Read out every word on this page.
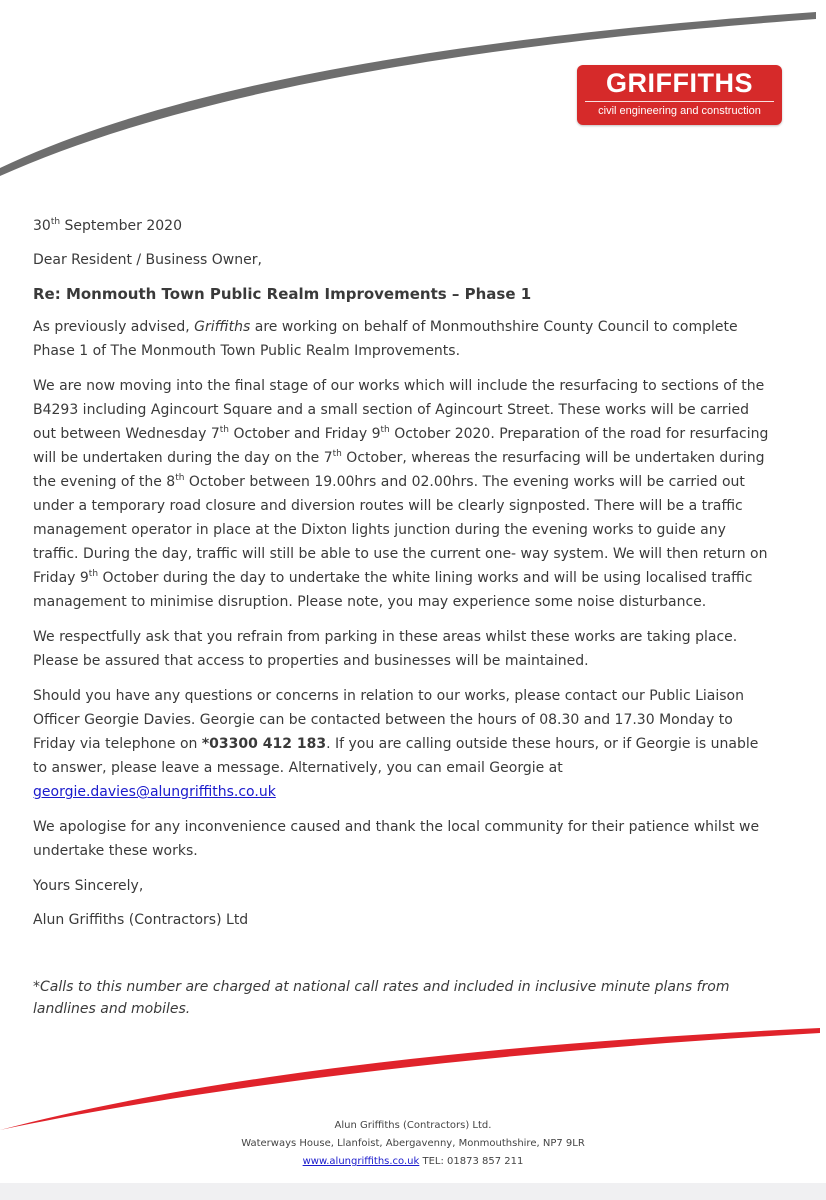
GRIFFITHS
civil engineering and construction

30th September 2020

Dear Resident / Business Owner,

Re: Monmouth Town Public Realm Improvements – Phase 1

As previously advised, Griffiths are working on behalf of Monmouthshire County Council to complete Phase 1 of The Monmouth Town Public Realm Improvements.

We are now moving into the final stage of our works which will include the resurfacing to sections of the B4293 including Agincourt Square and a small section of Agincourt Street. These works will be carried out between Wednesday 7th October and Friday 9th October 2020. Preparation of the road for resurfacing will be undertaken during the day on the 7th October, whereas the resurfacing will be undertaken during the evening of the 8th October between 19.00hrs and 02.00hrs. The evening works will be carried out under a temporary road closure and diversion routes will be clearly signposted. There will be a traffic management operator in place at the Dixton lights junction during the evening works to guide any traffic. During the day, traffic will still be able to use the current one- way system. We will then return on Friday 9th October during the day to undertake the white lining works and will be using localised traffic management to minimise disruption. Please note, you may experience some noise disturbance.

We respectfully ask that you refrain from parking in these areas whilst these works are taking place. Please be assured that access to properties and businesses will be maintained.

Should you have any questions or concerns in relation to our works, please contact our Public Liaison Officer Georgie Davies. Georgie can be contacted between the hours of 08.30 and 17.30 Monday to Friday via telephone on *03300 412 183. If you are calling outside these hours, or if Georgie is unable to answer, please leave a message. Alternatively, you can email Georgie at georgie.davies@alungriffiths.co.uk

We apologise for any inconvenience caused and thank the local community for their patience whilst we undertake these works.

Yours Sincerely,

Alun Griffiths (Contractors) Ltd

*Calls to this number are charged at national call rates and included in inclusive minute plans from landlines and mobiles.

Alun Griffiths (Contractors) Ltd.
Waterways House, Llanfoist, Abergavenny, Monmouthshire, NP7 9LR
www.alungriffiths.co.uk TEL: 01873 857 211
